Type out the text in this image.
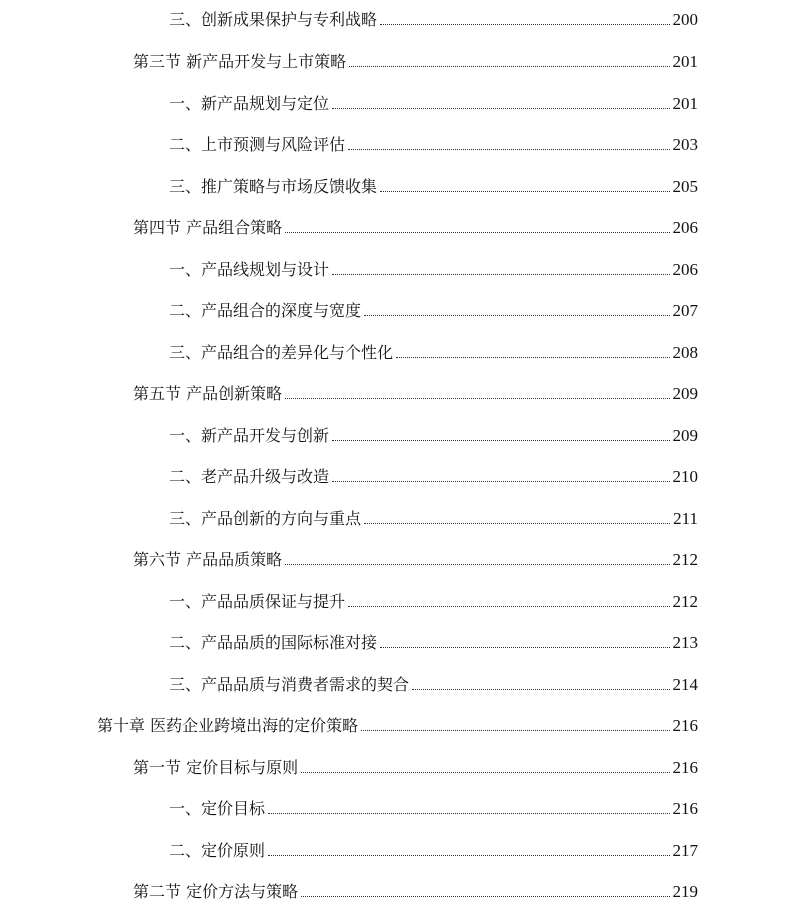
三、创新成果保护与专利战略	200
第三节 新产品开发与上市策略	201
一、新产品规划与定位	201
二、上市预测与风险评估	203
三、推广策略与市场反馈收集	205
第四节 产品组合策略	206
一、产品线规划与设计	206
二、产品组合的深度与宽度	207
三、产品组合的差异化与个性化	208
第五节 产品创新策略	209
一、新产品开发与创新	209
二、老产品升级与改造	210
三、产品创新的方向与重点	211
第六节 产品品质策略	212
一、产品品质保证与提升	212
二、产品品质的国际标准对接	213
三、产品品质与消费者需求的契合	214
第十章 医药企业跨境出海的定价策略	216
第一节 定价目标与原则	216
一、定价目标	216
二、定价原则	217
第二节 定价方法与策略	219
